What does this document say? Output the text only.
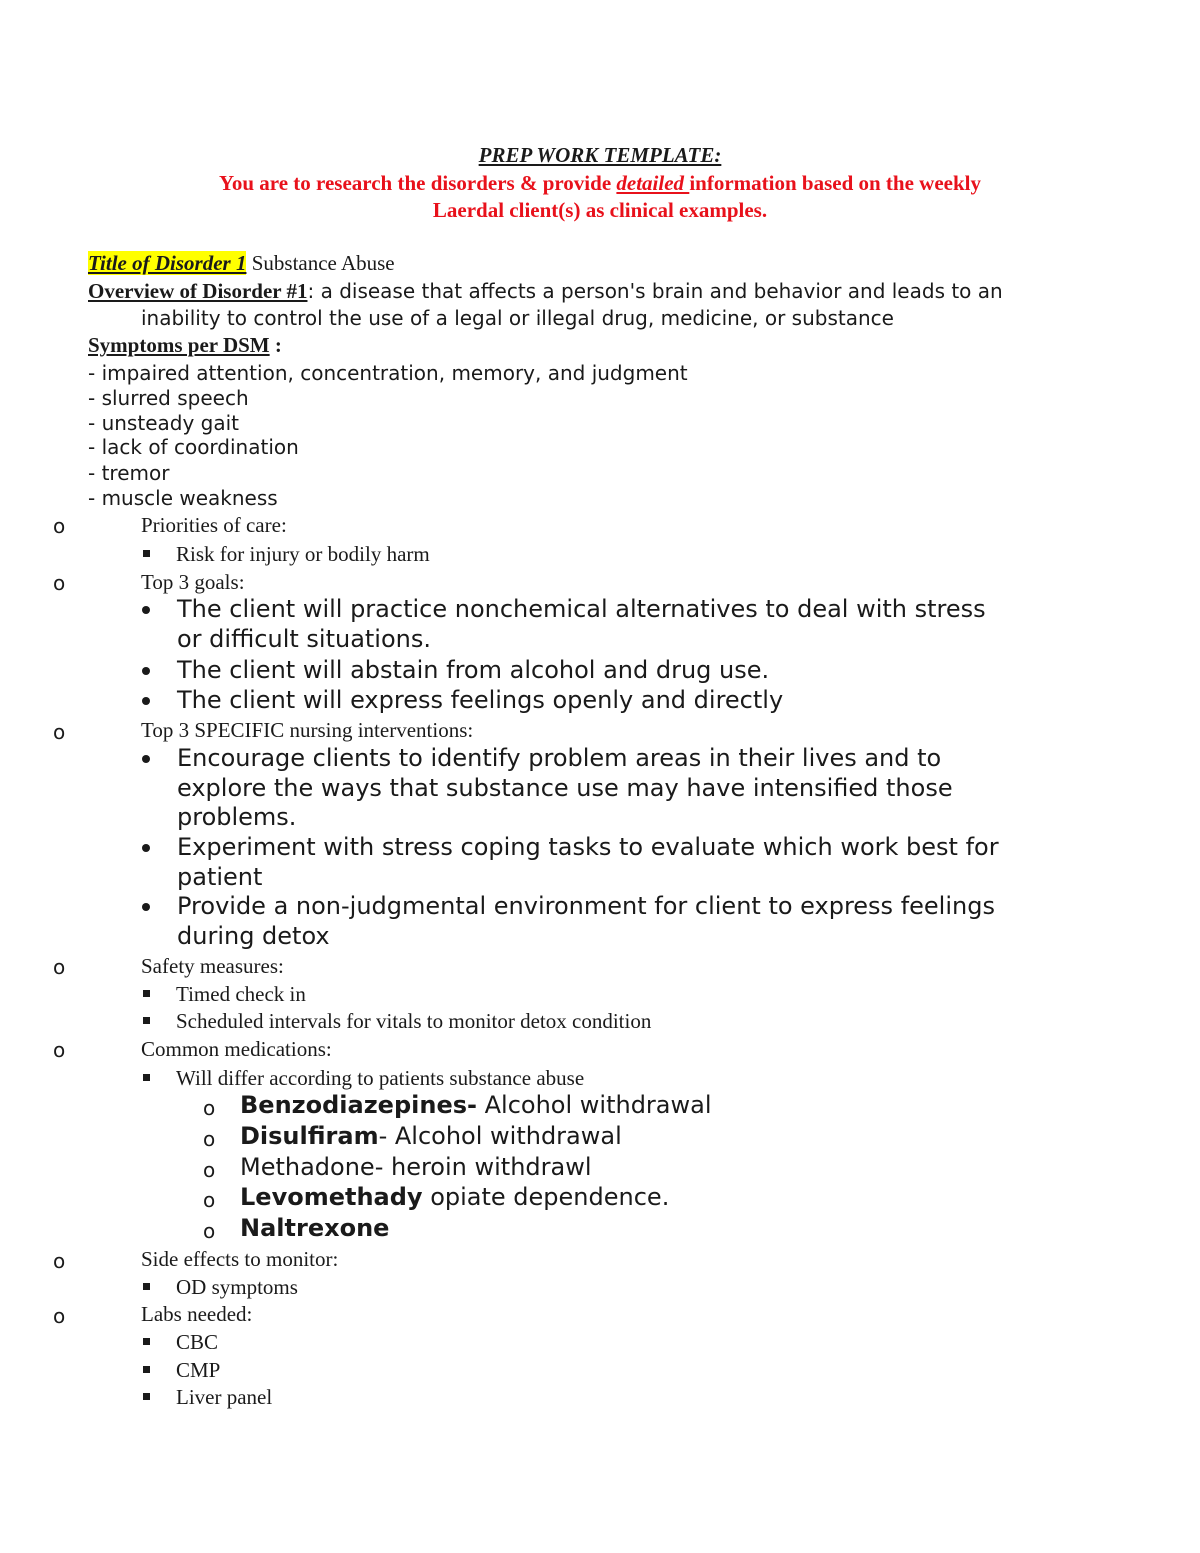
PREP WORK TEMPLATE:
You are to research the disorders & provide detailed information based on the weekly
Laerdal client(s) as clinical examples.
Title of Disorder 1 Substance Abuse
Overview of Disorder #1: a disease that affects a person's brain and behavior and leads to an
inability to control the use of a legal or illegal drug, medicine, or substance
Symptoms per DSM :
- impaired attention, concentration, memory, and judgment
- slurred speech
- unsteady gait
- lack of coordination
- tremor
- muscle weakness
o	Priorities of care:
Risk for injury or bodily harm
o	Top 3 goals:
The client will practice nonchemical alternatives to deal with stress
or difficult situations.
The client will abstain from alcohol and drug use.
The client will express feelings openly and directly
o	Top 3 SPECIFIC nursing interventions:
Encourage clients to identify problem areas in their lives and to
explore the ways that substance use may have intensified those
problems.
Experiment with stress coping tasks to evaluate which work best for
patient
Provide a non-judgmental environment for client to express feelings
during detox
o	Safety measures:
Timed check in
Scheduled intervals for vitals to monitor detox condition
o	Common medications:
Will differ according to patients substance abuse
o Benzodiazepines- Alcohol withdrawal
o Disulfiram- Alcohol withdrawal
o Methadone- heroin withdrawl
o Levomethady opiate dependence.
o Naltrexone
o	Side effects to monitor:
OD symptoms
o	Labs needed:
CBC
CMP
Liver panel
